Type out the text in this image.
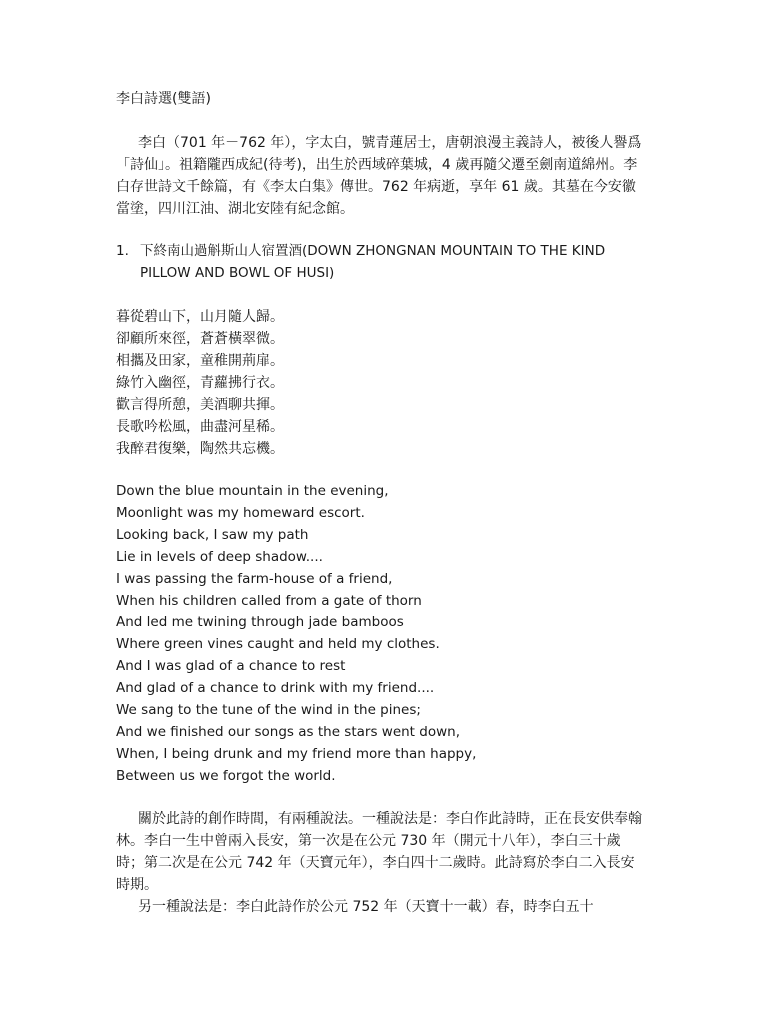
李白詩選(雙語)

李白（701 年－762 年），字太白，號青蓮居士，唐朝浪漫主義詩人，被後人譽爲「詩仙」。祖籍隴西成紀(待考)，出生於西域碎葉城，4 歲再隨父遷至劍南道綿州。李白存世詩文千餘篇，有《李太白集》傳世。762 年病逝，享年 61 歲。其墓在今安徽當塗，四川江油、湖北安陸有紀念館。

1. 下終南山過斛斯山人宿置酒(DOWN ZHONGNAN MOUNTAIN TO THE KIND PILLOW AND BOWL OF HUSI)
暮從碧山下，山月隨人歸。
卻顧所來徑，蒼蒼橫翠微。
相攜及田家，童稚開荊扉。
綠竹入幽徑，青蘿拂行衣。
歡言得所憩，美酒聊共揮。
長歌吟松風，曲盡河星稀。
我醉君復樂，陶然共忘機。
Down the blue mountain in the evening,
Moonlight was my homeward escort.
Looking back, I saw my path
Lie in levels of deep shadow....
I was passing the farm-house of a friend,
When his children called from a gate of thorn
And led me twining through jade bamboos
Where green vines caught and held my clothes.
And I was glad of a chance to rest
And glad of a chance to drink with my friend....
We sang to the tune of the wind in the pines;
And we finished our songs as the stars went down,
When, I being drunk and my friend more than happy,
Between us we forgot the world.

關於此詩的創作時間，有兩種說法。一種說法是：李白作此詩時，正在長安供奉翰林。李白一生中曾兩入長安，第一次是在公元 730 年（開元十八年），李白三十歲時；第二次是在公元 742 年（天寶元年），李白四十二歲時。此詩寫於李白二入長安時期。

另一種說法是：李白此詩作於公元 752 年（天寶十一載）春，時李白五十
